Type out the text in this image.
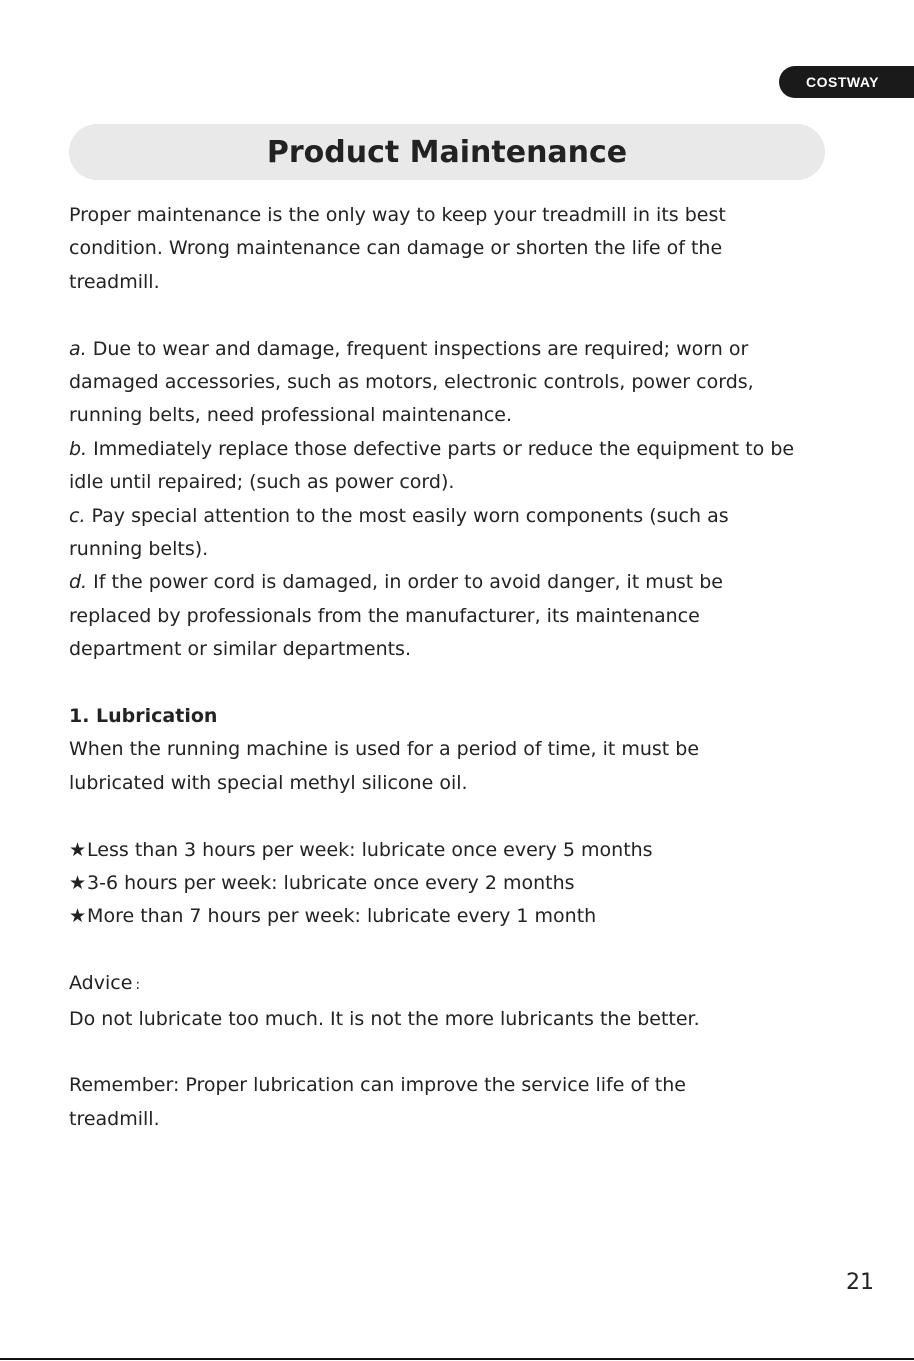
COSTWAY
Product Maintenance

Proper maintenance is the only way to keep your treadmill in its best condition. Wrong maintenance can damage or shorten the life of the treadmill.

a. Due to wear and damage, frequent inspections are required; worn or damaged accessories, such as motors, electronic controls, power cords, running belts, need professional maintenance.

b. Immediately replace those defective parts or reduce the equipment to be idle until repaired; (such as power cord).

c. Pay special attention to the most easily worn components (such as running belts).

d. If the power cord is damaged, in order to avoid danger, it must be replaced by professionals from the manufacturer, its maintenance department or similar departments.

1. Lubrication

When the running machine is used for a period of time, it must be lubricated with special methyl silicone oil.

★Less than 3 hours per week: lubricate once every 5 months

★3-6 hours per week: lubricate once every 2 months

★More than 7 hours per week: lubricate every 1 month

Advice :

Do not lubricate too much. It is not the more lubricants the better.

Remember: Proper lubrication can improve the service life of the treadmill.

21
